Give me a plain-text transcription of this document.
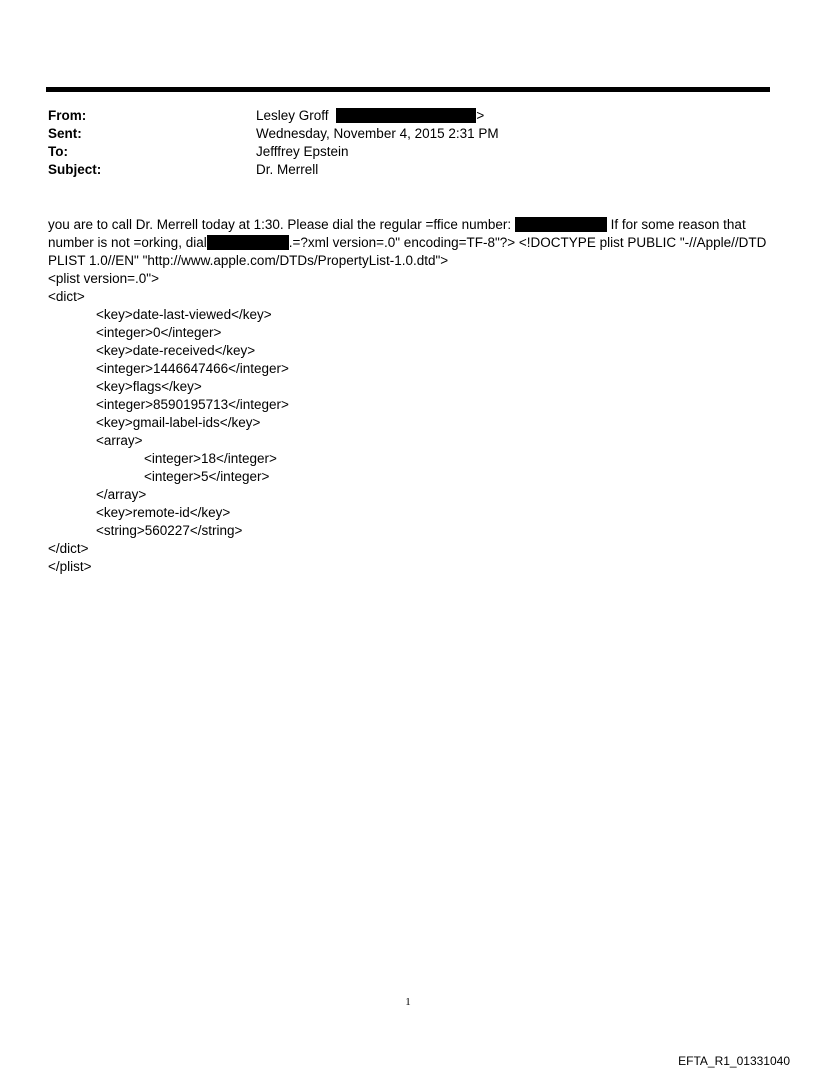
From:	Lesley Groff	>
Sent:	Wednesday, November 4, 2015 2:31 PM
To:	Jefffrey Epstein
Subject:	Dr. Merrell
you are to call Dr. Merrell today at 1:30. Please dial the regular =ffice number:	If for some reason that
number is not =orking, dial	.=?xml version=.0" encoding=TF-8"?> <!DOCTYPE plist PUBLIC "-//Apple//DTD
PLIST 1.0//EN" "http://www.apple.com/DTDs/PropertyList-1.0.dtd">
<plist version=.0">
<dict>
<key>date-last-viewed</key>
<integer>0</integer>
<key>date-received</key>
<integer>1446647466</integer>
<key>flags</key>
<integer>8590195713</integer>
<key>gmail-label-ids</key>
<array>
<integer>18</integer>
<integer>5</integer>
</array>
<key>remote-id</key>
<string>560227</string>
</dict>
</plist>
1
EFTA_R1_01331040
